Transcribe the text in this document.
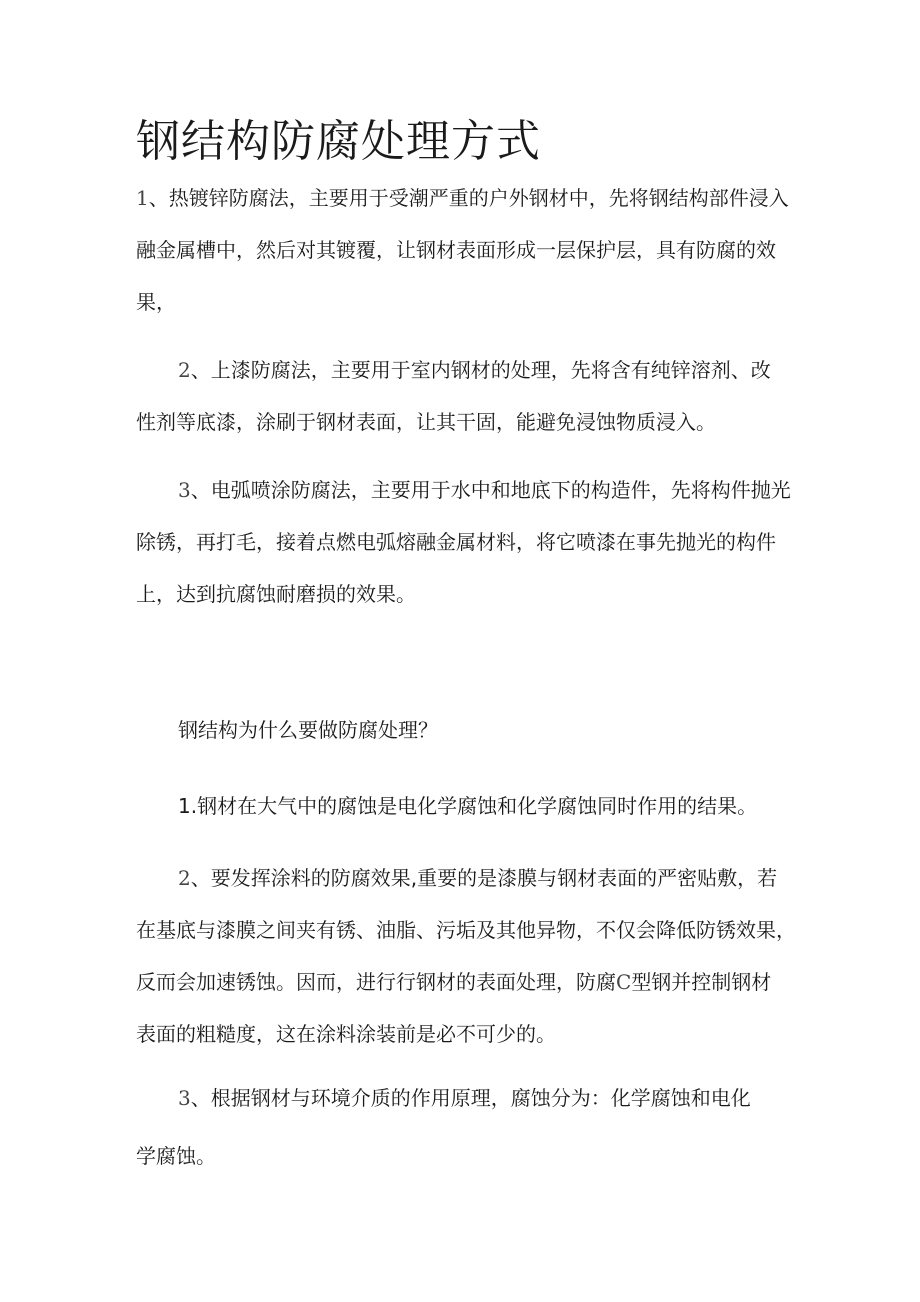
钢结构防腐处理方式

1、热镀锌防腐法，主要用于受潮严重的户外钢材中，先将钢结构部件浸入
融金属槽中，然后对其镀覆，让钢材表面形成一层保护层，具有防腐的效
果，

2、上漆防腐法，主要用于室内钢材的处理，先将含有纯锌溶剂、改
性剂等底漆，涂刷于钢材表面，让其干固，能避免浸蚀物质浸入。

3、电弧喷涂防腐法，主要用于水中和地底下的构造件，先将构件抛光
除锈，再打毛，接着点燃电弧熔融金属材料，将它喷漆在事先抛光的构件
上，达到抗腐蚀耐磨损的效果。

钢结构为什么要做防腐处理？

1.钢材在大气中的腐蚀是电化学腐蚀和化学腐蚀同时作用的结果。

2、要发挥涂料的防腐效果,重要的是漆膜与钢材表面的严密贴敷，若
在基底与漆膜之间夹有锈、油脂、污垢及其他异物，不仅会降低防锈效果，
反而会加速锈蚀。因而，进行行钢材的表面处理，防腐C型钢并控制钢材
表面的粗糙度，这在涂料涂装前是必不可少的。

3、根据钢材与环境介质的作用原理，腐蚀分为：化学腐蚀和电化
学腐蚀。
